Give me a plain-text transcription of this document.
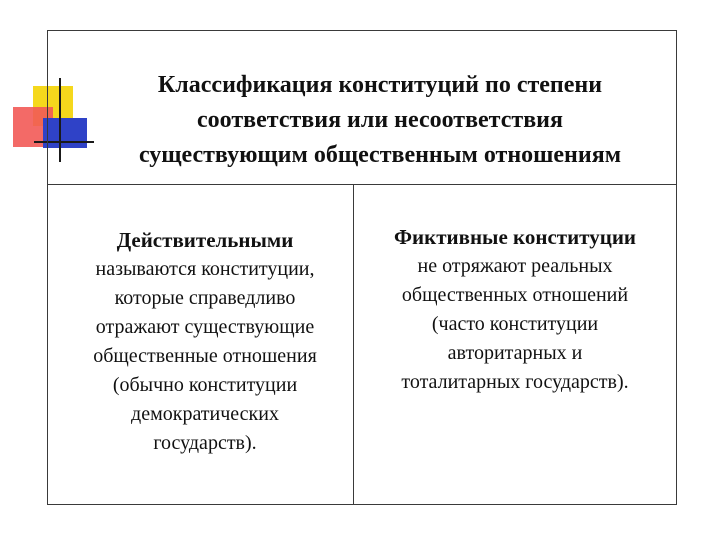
Классификация конституций по степени
соответствия или несоответствия
существующим общественным отношениям
Действительными
называются конституции,
которые справедливо
отражают существующие
общественные отношения
(обычно конституции
демократических
государств).
Фиктивные конституции
не отряжают реальных
общественных отношений
(часто конституции
авторитарных и
тоталитарных государств).
